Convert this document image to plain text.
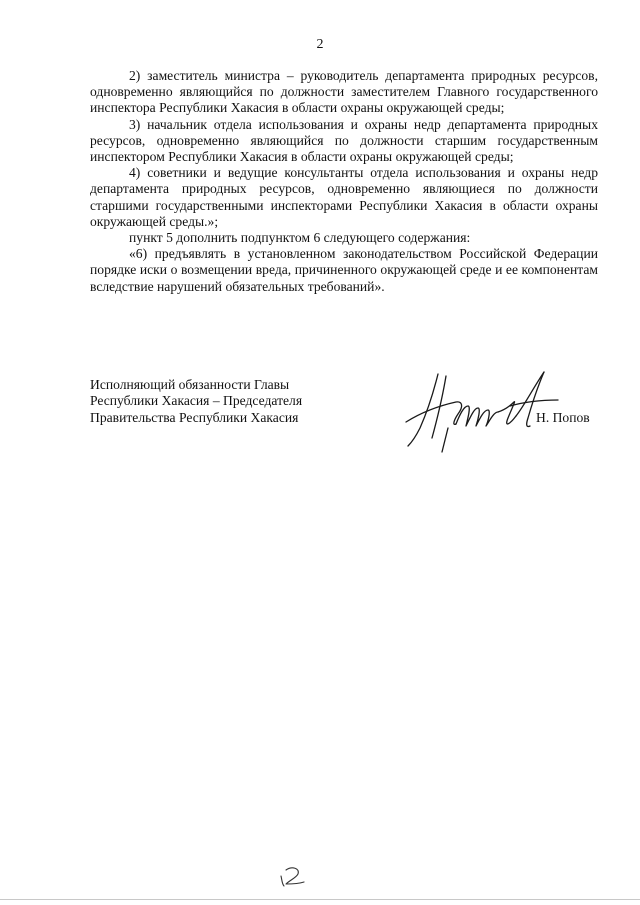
2

2) заместитель министра – руководитель департамента природных ресурсов, одновременно являющийся по должности заместителем Главного государственного инспектора Республики Хакасия в области охраны окружающей среды;

3) начальник отдела использования и охраны недр департамента природных ресурсов, одновременно являющийся по должности старшим государственным инспектором Республики Хакасия в области охраны окружающей среды;

4) советники и ведущие консультанты отдела использования и охраны недр департамента природных ресурсов, одновременно являющиеся по должности старшими государственными инспекторами Республики Хакасия в области охраны окружающей среды.»;

пункт 5 дополнить подпунктом 6 следующего содержания:

«6) предъявлять в установленном законодательством Российской Федерации порядке иски о возмещении вреда, причиненного окружающей среде и ее компонентам вследствие нарушений обязательных требований».

Исполняющий обязанности Главы
Республики Хакасия – Председателя
Правительства Республики Хакасия	Н. Попов
